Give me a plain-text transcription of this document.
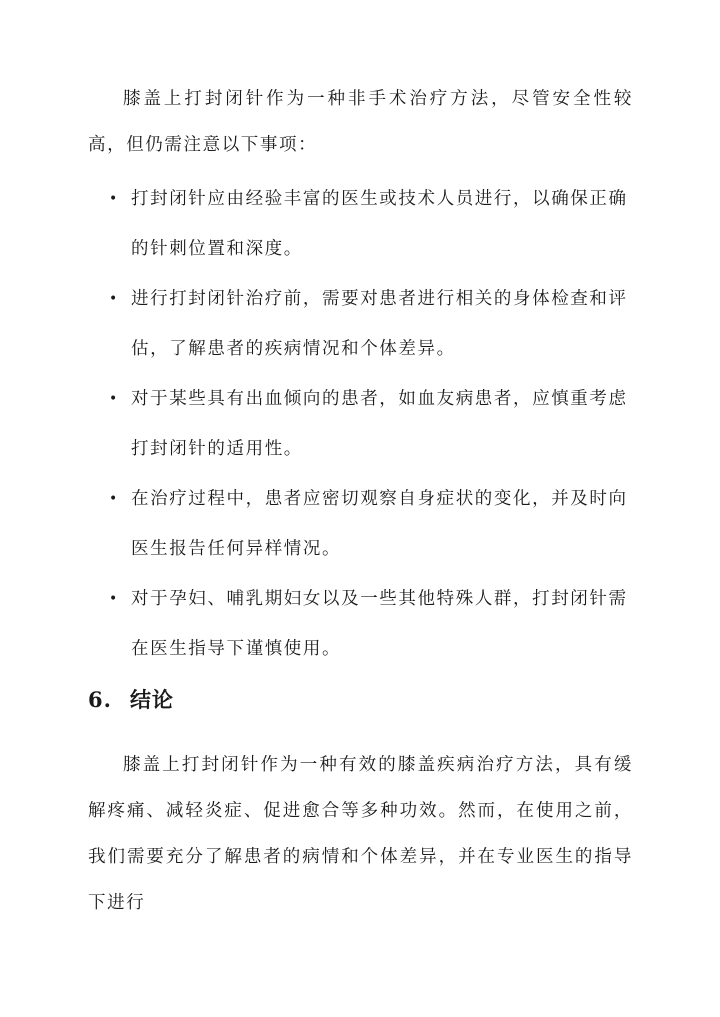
膝盖上打封闭针作为一种非手术治疗方法，尽管安全性较高，但仍需注意以下事项：

• 打封闭针应由经验丰富的医生或技术人员进行，以确保正确的针刺位置和深度。
• 进行打封闭针治疗前，需要对患者进行相关的身体检查和评估，了解患者的疾病情况和个体差异。
• 对于某些具有出血倾向的患者，如血友病患者，应慎重考虑打封闭针的适用性。
• 在治疗过程中，患者应密切观察自身症状的变化，并及时向医生报告任何异样情况。
• 对于孕妇、哺乳期妇女以及一些其他特殊人群，打封闭针需在医生指导下谨慎使用。
6. 结论

膝盖上打封闭针作为一种有效的膝盖疾病治疗方法，具有缓解疼痛、减轻炎症、促进愈合等多种功效。然而，在使用之前，我们需要充分了解患者的病情和个体差异，并在专业医生的指导下进行
